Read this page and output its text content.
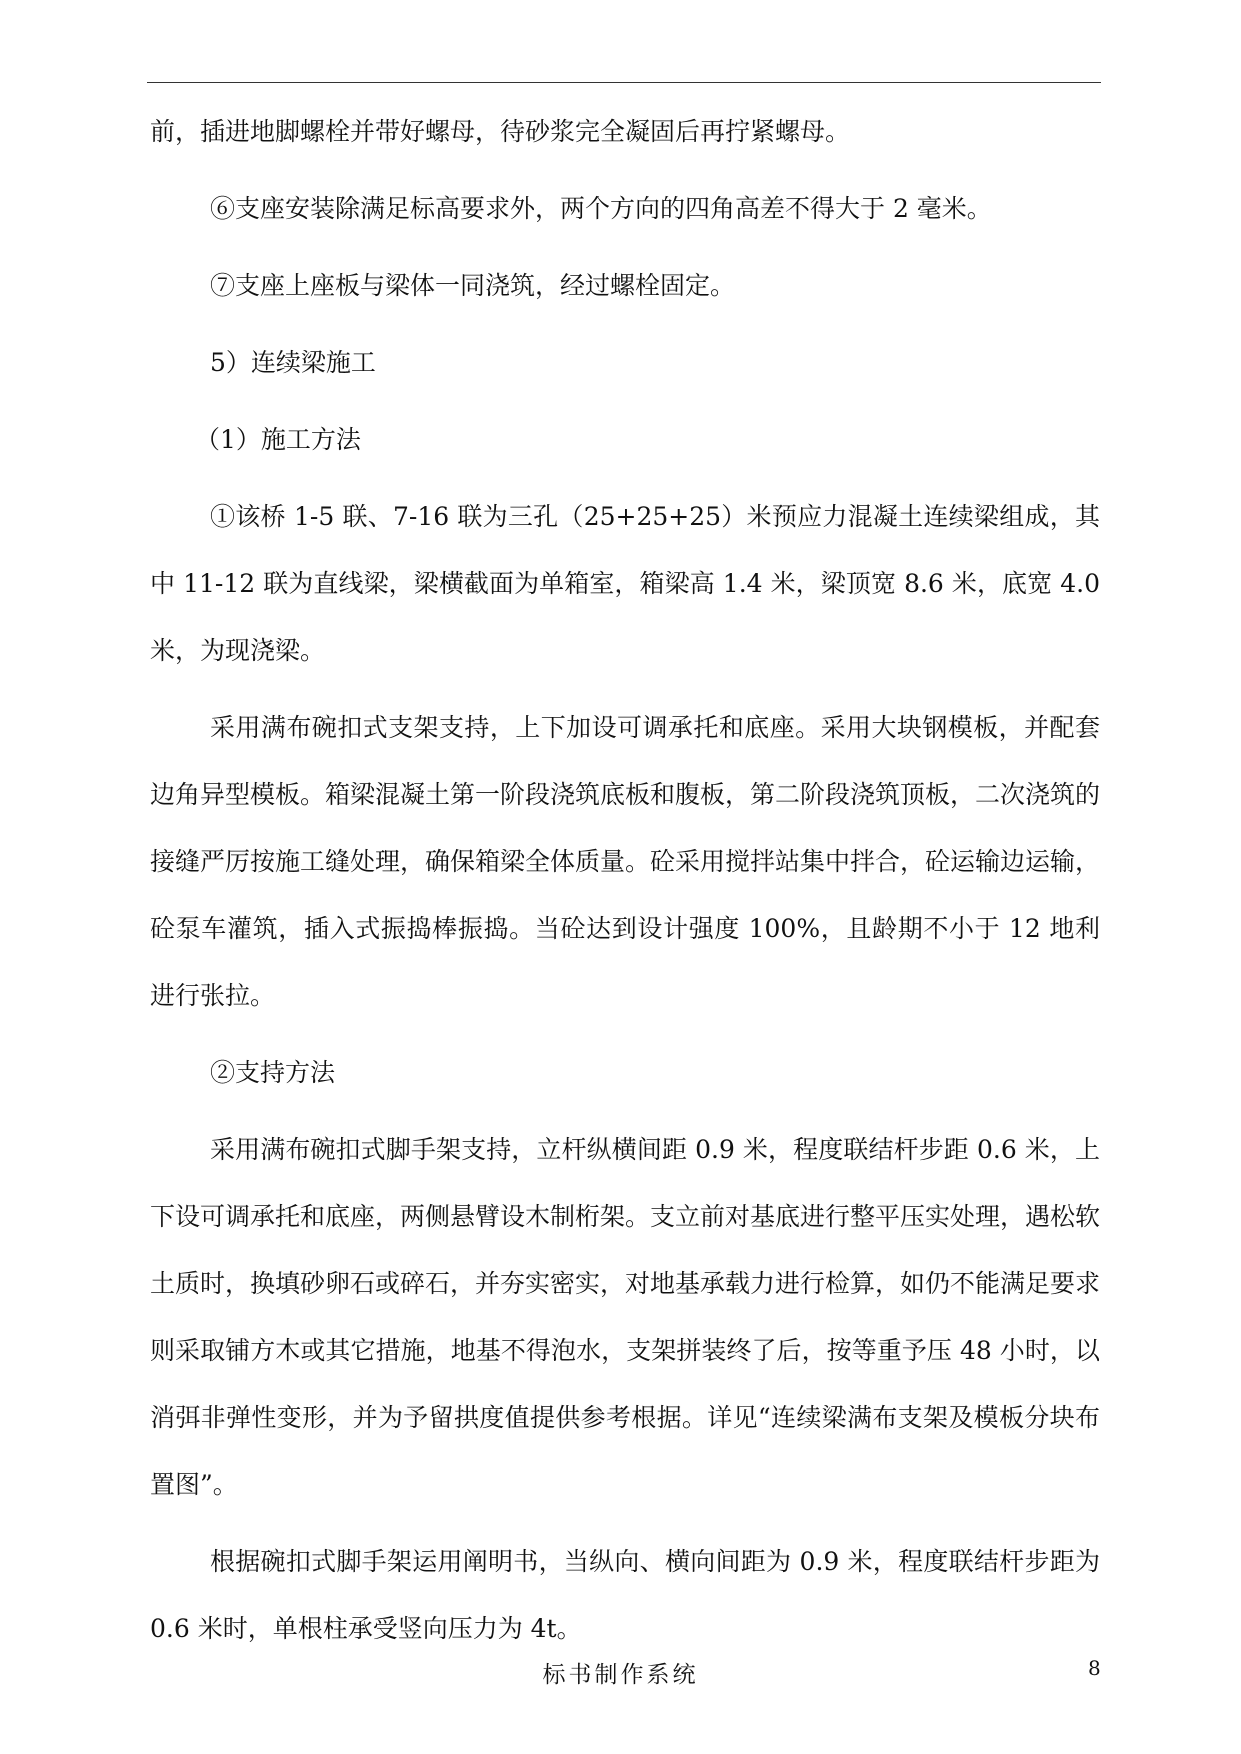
前，插进地脚螺栓并带好螺母，待砂浆完全凝固后再拧紧螺母。

⑥支座安装除满足标高要求外，两个方向的四角高差不得大于 2 毫米。

⑦支座上座板与梁体一同浇筑，经过螺栓固定。

5）连续梁施工

（1）施工方法

①该桥 1-5 联、7-16 联为三孔（25+25+25）米预应力混凝土连续梁组成，其中 11-12 联为直线梁，梁横截面为单箱室，箱梁高 1.4 米，梁顶宽 8.6 米，底宽 4.0 米，为现浇梁。

采用满布碗扣式支架支持，上下加设可调承托和底座。采用大块钢模板，并配套边角异型模板。箱梁混凝土第一阶段浇筑底板和腹板，第二阶段浇筑顶板，二次浇筑的接缝严厉按施工缝处理，确保箱梁全体质量。砼采用搅拌站集中拌合，砼运输边运输，砼泵车灌筑，插入式振捣棒振捣。当砼达到设计强度 100%，且龄期不小于 12 地利进行张拉。

②支持方法

采用满布碗扣式脚手架支持，立杆纵横间距 0.9 米，程度联结杆步距 0.6 米，上下设可调承托和底座，两侧悬臂设木制桁架。支立前对基底进行整平压实处理，遇松软土质时，换填砂卵石或碎石，并夯实密实，对地基承载力进行检算，如仍不能满足要求则采取铺方木或其它措施，地基不得泡水，支架拼装终了后，按等重予压 48 小时，以消弭非弹性变形，并为予留拱度值提供参考根据。详见“连续梁满布支架及模板分块布置图”。

根据碗扣式脚手架运用阐明书，当纵向、横向间距为 0.9 米，程度联结杆步距为 0.6 米时，单根柱承受竖向压力为 4t。

标书制作系统	8
